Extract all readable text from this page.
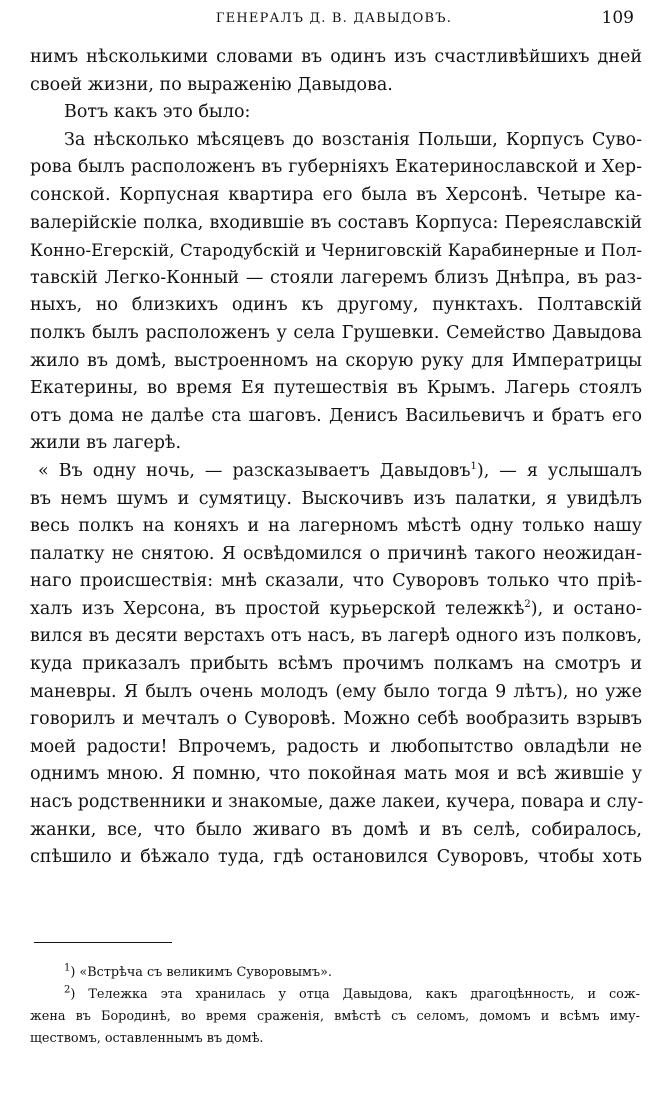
ГЕНЕРАЛЪ Д. В. ДАВЫДОВЪ.	109
нимъ нѣсколькими словами въ одинъ изъ счастливѣйшихъ дней
своей жизни, по выраженію Давыдова.
Вотъ какъ это было:
За нѣсколько мѣсяцевъ до возстанія Польши, Корпусъ Суво-
рова былъ расположенъ въ губерніяхъ Екатеринославской и Хер-
сонской. Корпусная квартира его была въ Херсонѣ. Четыре ка-
валерійскіе полка, входившіе въ составъ Корпуса: Переяславскій
Конно-Егерскій, Стародубскій и Черниговскій Карабинерные и Пол-
тавскій Легко-Конный — стояли лагеремъ близъ Днѣпра, въ раз-
ныхъ, но близкихъ одинъ къ другому, пунктахъ. Полтавскій
полкъ былъ расположенъ у села Грушевки. Семейство Давыдова
жило въ домѣ, выстроенномъ на скорую руку для Императрицы
Екатерины, во время Ея путешествія въ Крымъ. Лагерь стоялъ
отъ дома не далѣе ста шаговъ. Денисъ Васильевичъ и братъ его
жили въ лагерѣ.
« Въ одну ночь, — разсказываетъ Давыдовъ$^1$), — я услышалъ
въ немъ шумъ и сумятицу. Выскочивъ изъ палатки, я увидѣлъ
весь полкъ на коняхъ и на лагерномъ мѣстѣ одну только нашу
палатку не снятою. Я освѣдомился о причинѣ такого неожидан-
наго происшествія: мнѣ сказали, что Суворовъ только что пріѣ-
халъ изъ Херсона, въ простой курьерской тележкѣ$^2$), и остано-
вился въ десяти верстахъ отъ насъ, въ лагерѣ одного изъ полковъ,
куда приказалъ прибыть всѣмъ прочимъ полкамъ на смотръ и
маневры. Я былъ очень молодъ (ему было тогда 9 лѣтъ), но уже
говорилъ и мечталъ о Суворовѣ. Можно себѣ вообразить взрывъ
моей радости! Впрочемъ, радость и любопытство овладѣли не
однимъ мною. Я помню, что покойная мать моя и всѣ жившіе у
насъ родственники и знакомые, даже лакеи, кучера, повара и слу-
жанки, все, что было живаго въ домѣ и въ селѣ, собиралось,
спѣшило и бѣжало туда, гдѣ остановился Суворовъ, чтобы хоть
$^1$) «Встрѣча съ великимъ Суворовымъ».
$^2$) Тележка эта хранилась у отца Давыдова, какъ драгоцѣнность, и сож-
жена въ Бородинѣ, во время сраженія, вмѣстѣ съ селомъ, домомъ и всѣмъ иму-
ществомъ, оставленнымъ въ домѣ.
